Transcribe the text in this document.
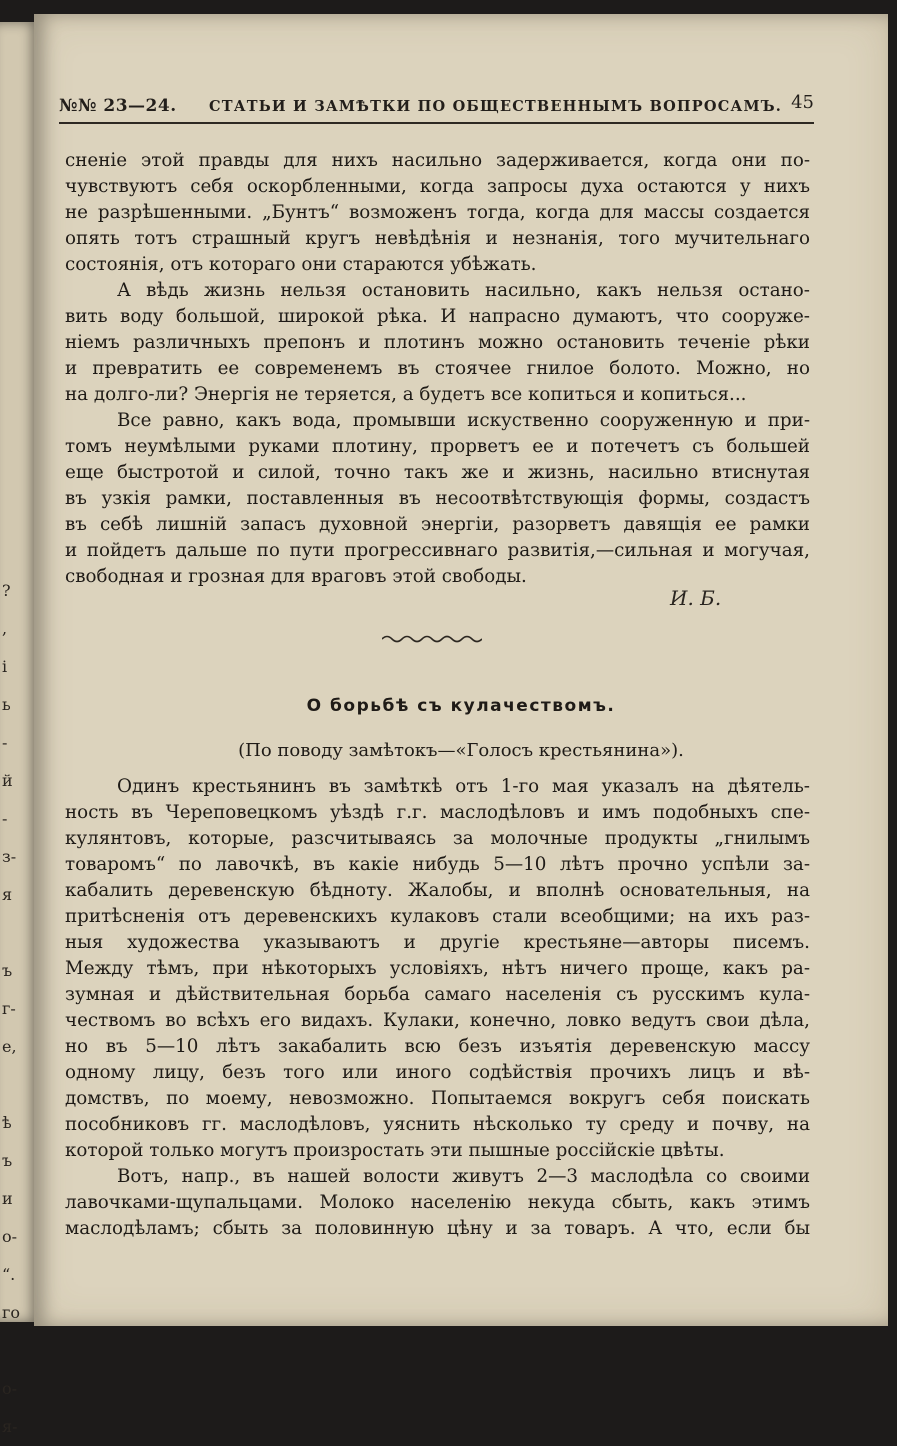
?
,
і
ь
-
й
-
з-
я
ъ
г-
е,
ѣ
ъ
и
о-
“.
го
о-
я-
№№ 23—24. СТАТЬИ И ЗАМѢТКИ ПО ОБЩЕСТВЕННЫМЪ ВОПРОСАМЪ. 45
сненіе этой правды для нихъ насильно задерживается, когда они по-
чувствуютъ себя оскорбленными, когда запросы духа остаются у нихъ
не разрѣшенными. „Бунтъ“ возможенъ тогда, когда для массы создается
опять тотъ страшный кругъ невѣдѣнія и незнанія, того мучительнаго
состоянія, отъ котораго они стараются убѣжать.
А вѣдь жизнь нельзя остановить насильно, какъ нельзя остано-
вить воду большой, широкой рѣка. И напрасно думаютъ, что сооруже-
ніемъ различныхъ препонъ и плотинъ можно остановить теченіе рѣки
и превратить ее современемъ въ стоячее гнилое болото. Можно, но
на долго-ли? Энергія не теряется, а будетъ все копиться и копиться...
Все равно, какъ вода, промывши искуственно сооруженную и при-
томъ неумѣлыми руками плотину, прорветъ ее и потечетъ съ большей
еще быстротой и силой, точно такъ же и жизнь, насильно втиснутая
въ узкія рамки, поставленныя въ несоотвѣтствующія формы, создастъ
въ себѣ лишній запасъ духовной энергіи, разорветъ давящія ее рамки
и пойдетъ дальше по пути прогрессивнаго развитія,—сильная и могучая,
свободная и грозная для враговъ этой свободы.
И. Б.
О борьбѣ съ кулачествомъ.
(По поводу замѣтокъ—«Голосъ крестьянина»).
Одинъ крестьянинъ въ замѣткѣ отъ 1-го мая указалъ на дѣятель-
ность въ Череповецкомъ уѣздѣ г.г. маслодѣловъ и имъ подобныхъ спе-
кулянтовъ, которые, разсчитываясь за молочные продукты „гнилымъ
товаромъ“ по лавочкѣ, въ какіе нибудь 5—10 лѣтъ прочно успѣли за-
кабалить деревенскую бѣдноту. Жалобы, и вполнѣ основательныя, на
притѣсненія отъ деревенскихъ кулаковъ стали всеобщими; на ихъ раз-
ныя художества указываютъ и другіе крестьяне—авторы писемъ.
Между тѣмъ, при нѣкоторыхъ условіяхъ, нѣтъ ничего проще, какъ ра-
зумная и дѣйствительная борьба самаго населенія съ русскимъ кула-
чествомъ во всѣхъ его видахъ. Кулаки, конечно, ловко ведутъ свои дѣла,
но въ 5—10 лѣтъ закабалить всю безъ изъятія деревенскую массу
одному лицу, безъ того или иного содѣйствія прочихъ лицъ и вѣ-
домствъ, по моему, невозможно. Попытаемся вокругъ себя поискать
пособниковъ гг. маслодѣловъ, уяснить нѣсколько ту среду и почву, на
которой только могутъ произростать эти пышные россійскіе цвѣты.
Вотъ, напр., въ нашей волости живутъ 2—3 маслодѣла со своими
лавочками-щупальцами. Молоко населенію некуда сбыть, какъ этимъ
маслодѣламъ; сбыть за половинную цѣну и за товаръ. А что, если бы
